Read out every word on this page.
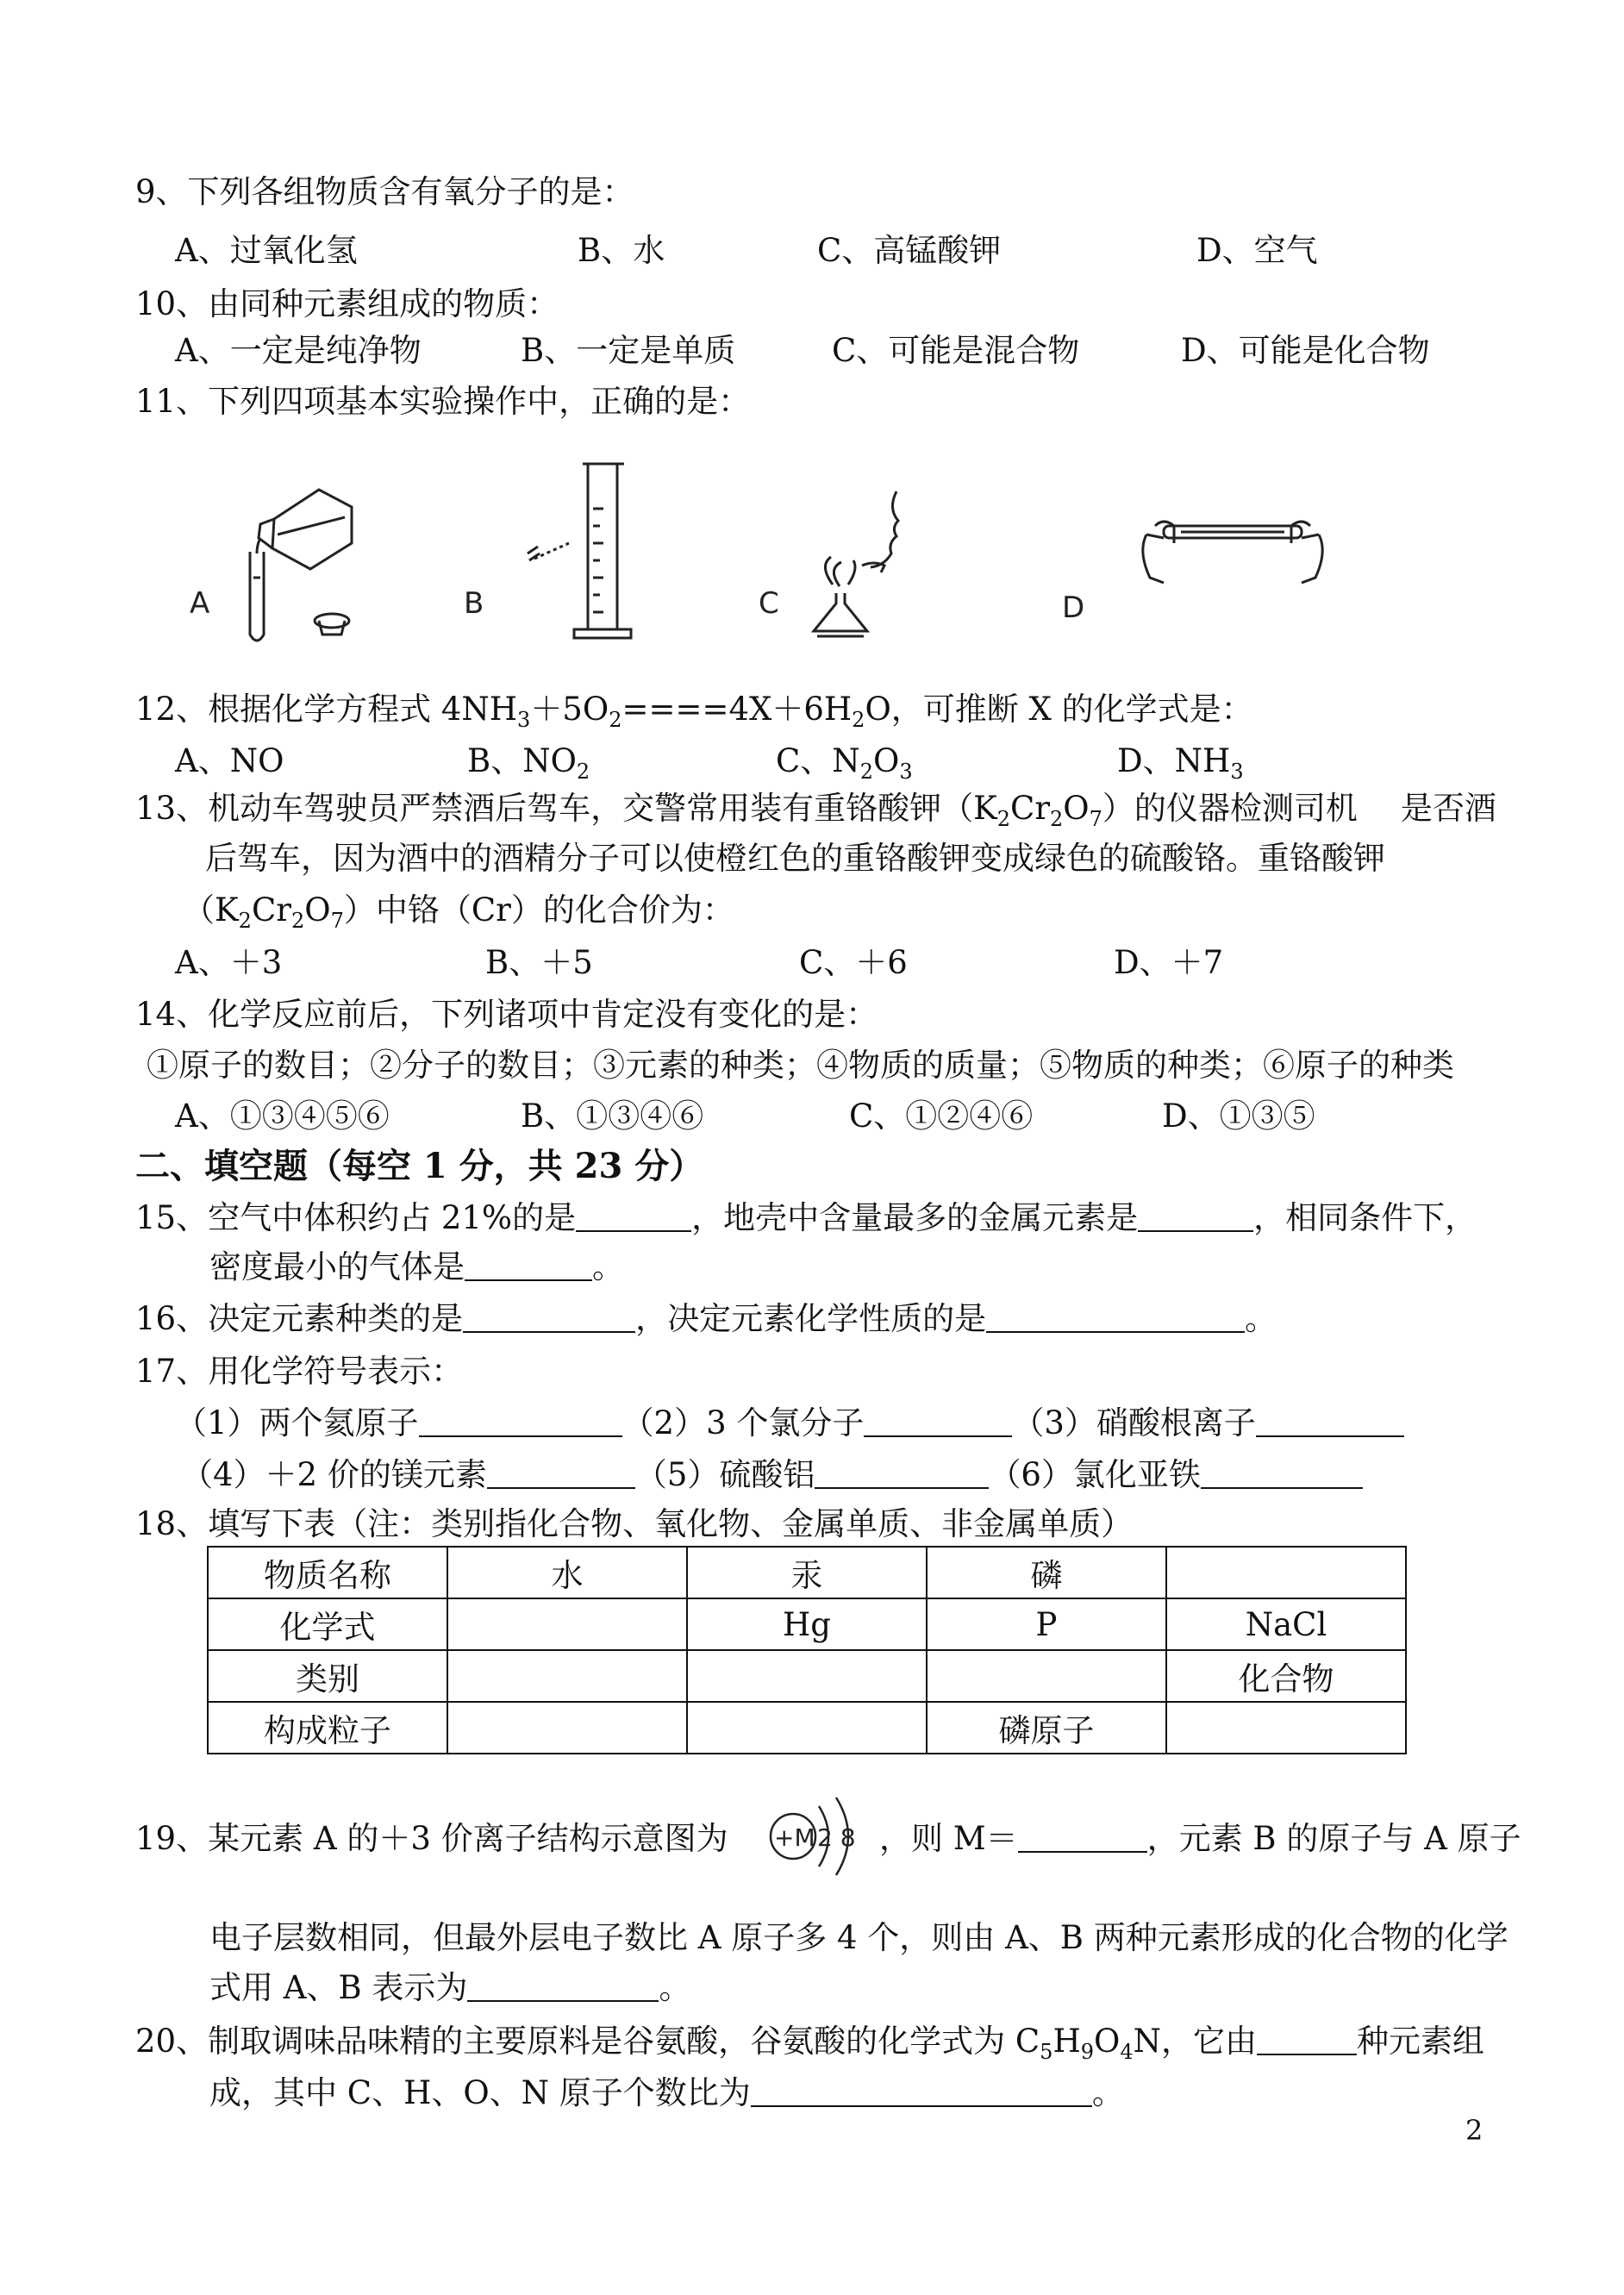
9、下列各组物质含有氧分子的是：
A、过氧化氢	B、水	C、高锰酸钾	D、空气
10、由同种元素组成的物质：
A、一定是纯净物	B、一定是单质	C、可能是混合物	D、可能是化合物
11、下列四项基本实验操作中，正确的是：
A	B	C	D
12、根据化学方程式 $4NH_3+5O_2====4X+6H_2O$，可推断 X 的化学式是：
A、NO	B、$NO_2$	C、$N_2O_3$	D、$NH_3$
13、机动车驾驶员严禁酒后驾车，交警常用装有重铬酸钾$(K_2Cr_2O_7)$的仪器检测司机 是否酒
后驾车，因为酒中的酒精分子可以使橙红色的重铬酸钾变成绿色的硫酸铬。重铬酸钾
$(K_2Cr_2O_7)$中铬（Cr）的化合价为：
A、＋3	B、＋5	C、＋6	D、＋7
14、化学反应前后，下列诸项中肯定没有变化的是：
①原子的数目；②分子的数目；③元素的种类；④物质的质量；⑤物质的种类；⑥原子的种类
A、①③④⑤⑥	B、①③④⑥	C、①②④⑥	D、①③⑤
二、填空题（每空 1 分，共 23 分）
15、空气中体积约占 21%的是	，地壳中含量最多的金属元素是	，相同条件下，
密度最小的气体是	。
16、决定元素种类的是	，决定元素化学性质的是	。
17、用化学符号表示：
（1）两个氦原子	（2）3 个氯分子	（3）硝酸根离子
（4）＋2 价的镁元素	（5）硫酸铝	（6）氯化亚铁
18、填写下表（注：类别指化合物、氧化物、金属单质、非金属单质）
物质名称	水	汞	磷	
化学式		Hg	P	NaCl
类别				化合物
构成粒子			磷原子	
19、某元素 A 的＋3 价离子结构示意图为 +M 2 8 ，则 M＝	，元素 B 的原子与 A 原子
电子层数相同，但最外层电子数比 A 原子多 4 个，则由 A、B 两种元素形成的化合物的化学
式用 A、B 表示为	。
20、制取调味品味精的主要原料是谷氨酸，谷氨酸的化学式为 $C_5H_9O_4N$，它由	种元素组
成，其中 C、H、O、N 原子个数比为	。
2
